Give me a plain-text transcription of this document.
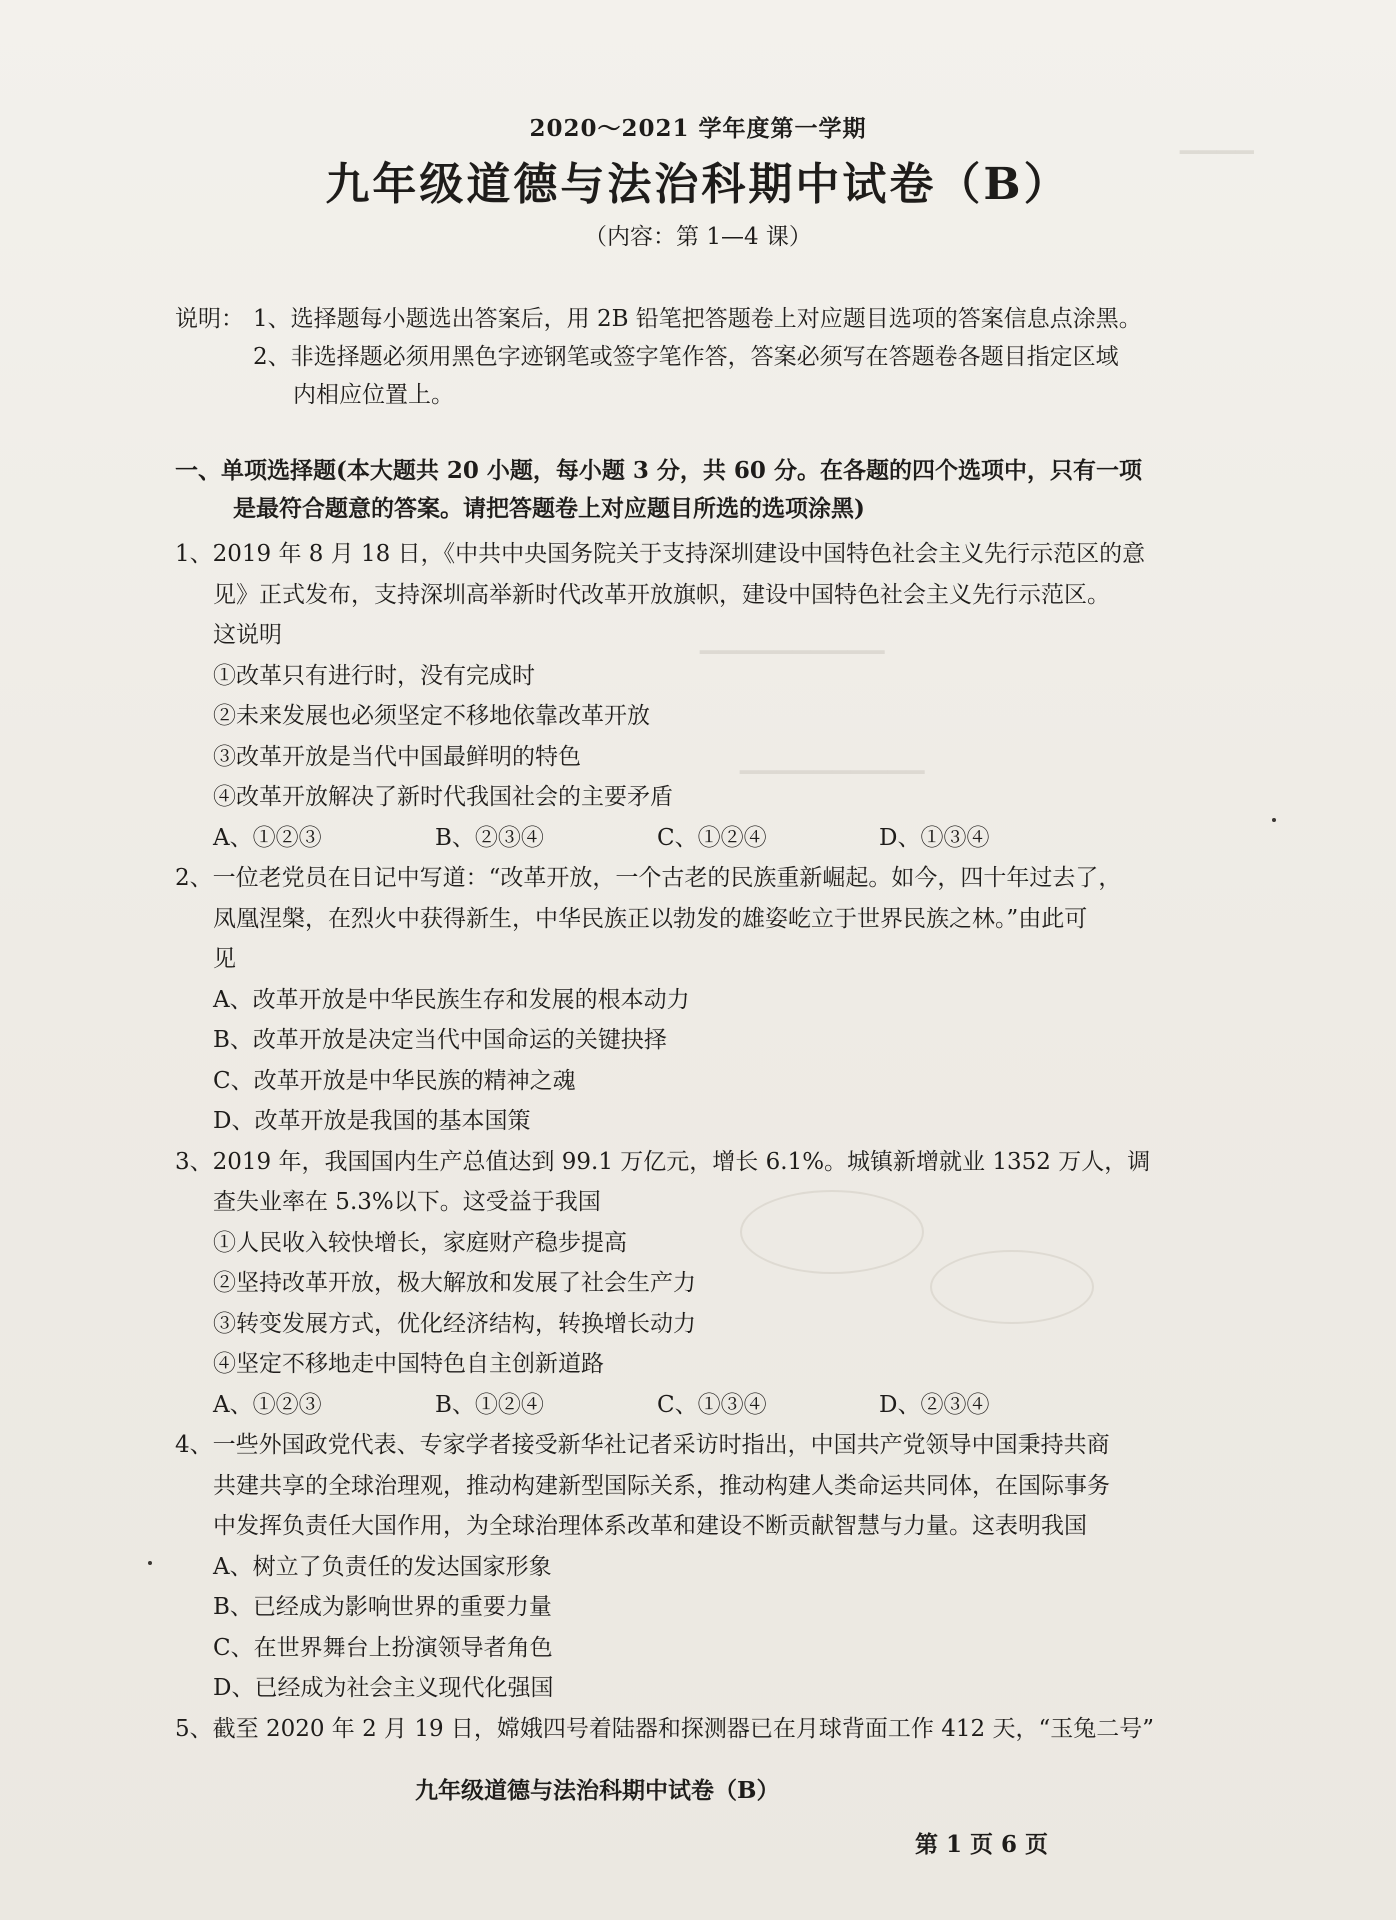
▁▁▁▁
▁▁▁▁▁▁▁▁▁▁
▁▁▁▁▁▁▁▁▁▁
2020～2021 学年度第一学期
九年级道德与法治科期中试卷（B）
（内容：第 1—4 课）
说明： 1、选择题每小题选出答案后，用 2B 铅笔把答题卷上对应题目选项的答案信息点涂黑。
2、非选择题必须用黑色字迹钢笔或签字笔作答，答案必须写在答题卷各题目指定区域
内相应位置上。
一、单项选择题(本大题共 20 小题，每小题 3 分，共 60 分。在各题的四个选项中，只有一项
是最符合题意的答案。请把答题卷上对应题目所选的选项涂黑)
1、2019 年 8 月 18 日，《中共中央国务院关于支持深圳建设中国特色社会主义先行示范区的意
见》正式发布，支持深圳高举新时代改革开放旗帜，建设中国特色社会主义先行示范区。
这说明
①改革只有进行时，没有完成时
②未来发展也必须坚定不移地依靠改革开放
③改革开放是当代中国最鲜明的特色
④改革开放解决了新时代我国社会的主要矛盾
A、①②③	B、②③④	C、①②④	D、①③④
2、一位老党员在日记中写道：“改革开放，一个古老的民族重新崛起。如今，四十年过去了，
凤凰涅槃，在烈火中获得新生，中华民族正以勃发的雄姿屹立于世界民族之林。”由此可
见
A、改革开放是中华民族生存和发展的根本动力
B、改革开放是决定当代中国命运的关键抉择
C、改革开放是中华民族的精神之魂
D、改革开放是我国的基本国策
3、2019 年，我国国内生产总值达到 99.1 万亿元，增长 6.1%。城镇新增就业 1352 万人，调
查失业率在 5.3%以下。这受益于我国
①人民收入较快增长，家庭财产稳步提高
②坚持改革开放，极大解放和发展了社会生产力
③转变发展方式，优化经济结构，转换增长动力
④坚定不移地走中国特色自主创新道路
A、①②③	B、①②④	C、①③④	D、②③④
4、一些外国政党代表、专家学者接受新华社记者采访时指出，中国共产党领导中国秉持共商
共建共享的全球治理观，推动构建新型国际关系，推动构建人类命运共同体，在国际事务
中发挥负责任大国作用，为全球治理体系改革和建设不断贡献智慧与力量。这表明我国
A、树立了负责任的发达国家形象
B、已经成为影响世界的重要力量
C、在世界舞台上扮演领导者角色
D、已经成为社会主义现代化强国
5、截至 2020 年 2 月 19 日，嫦娥四号着陆器和探测器已在月球背面工作 412 天，“玉兔二号”
九年级道德与法治科期中试卷（B）
第 1 页 6 页
